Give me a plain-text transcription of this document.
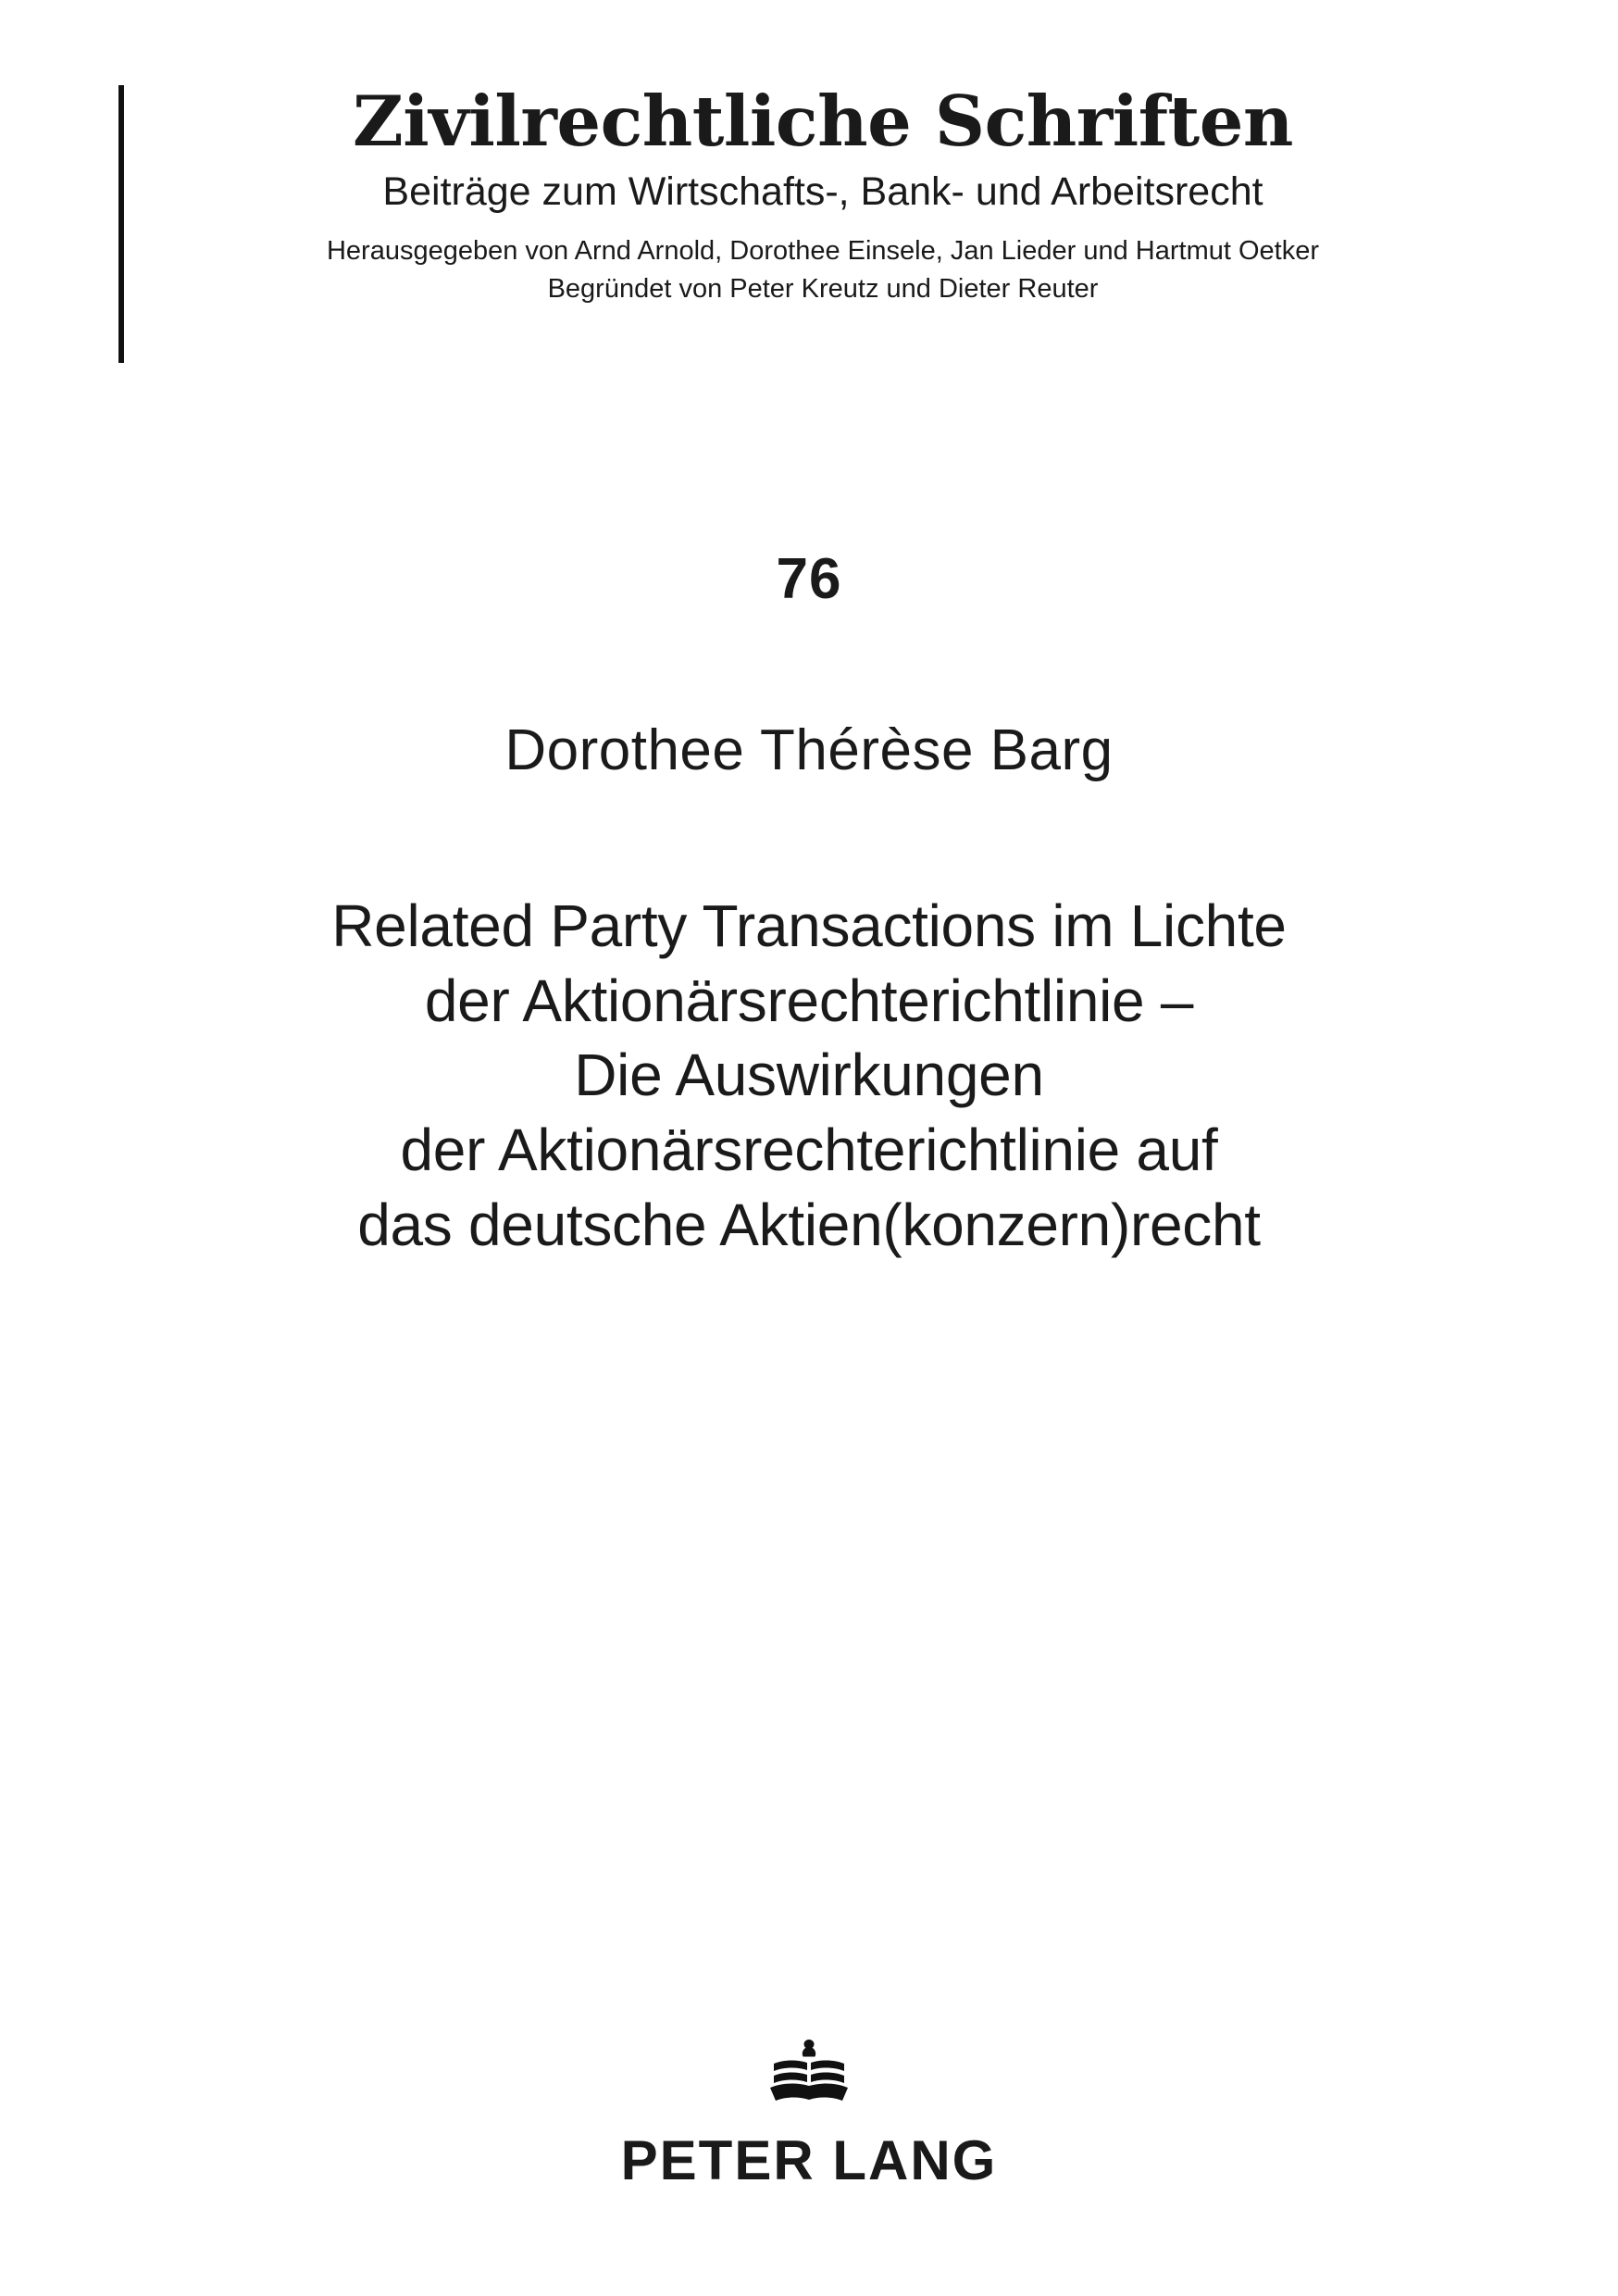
Zivilrechtliche Schriften
Beiträge zum Wirtschafts-, Bank- und Arbeitsrecht
Herausgegeben von Arnd Arnold, Dorothee Einsele, Jan Lieder und Hartmut Oetker
Begründet von Peter Kreutz und Dieter Reuter
76
Dorothee Thérèse Barg
Related Party Transactions im Lichte
der Aktionärsrechterichtlinie –
Die Auswirkungen
der Aktionärsrechterichtlinie auf
das deutsche Aktien(konzern)recht
PETER LANG
